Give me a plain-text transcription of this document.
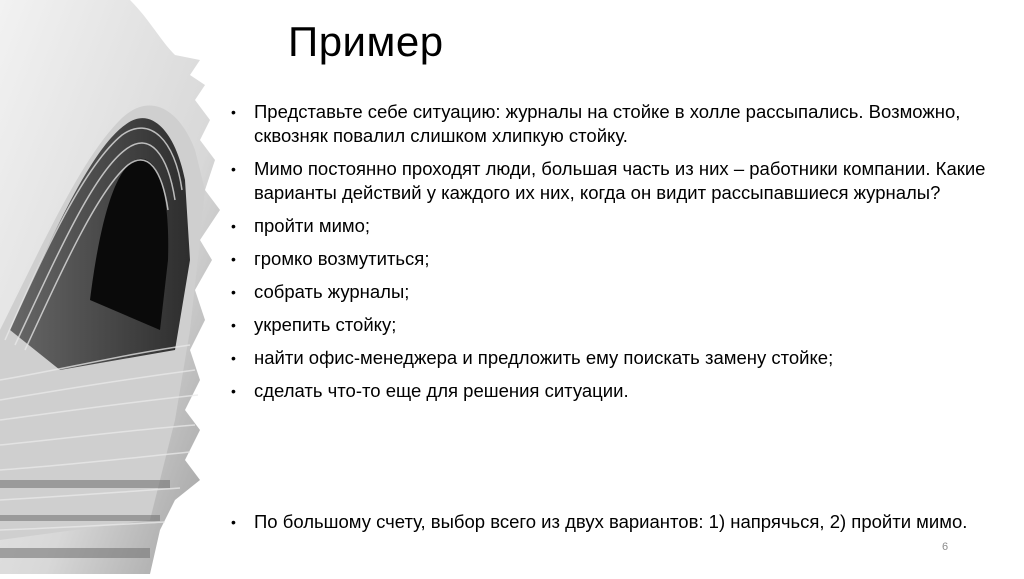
Пример
• Представьте себе ситуацию: журналы на стойке в холле рассыпались. Возможно, сквозняк повалил слишком хлипкую стойку.
• Мимо постоянно проходят люди, большая часть из них – работники компании. Какие варианты действий у каждого их них, когда он видит рассыпавшиеся журналы?
• пройти мимо;
• громко возмутиться;
• собрать журналы;
• укрепить стойку;
• найти офис-менеджера и предложить ему поискать замену стойке;
• сделать что-то еще для решения ситуации.
• По большому счету, выбор всего из двух вариантов: 1) напрячься, 2) пройти мимо.
6
